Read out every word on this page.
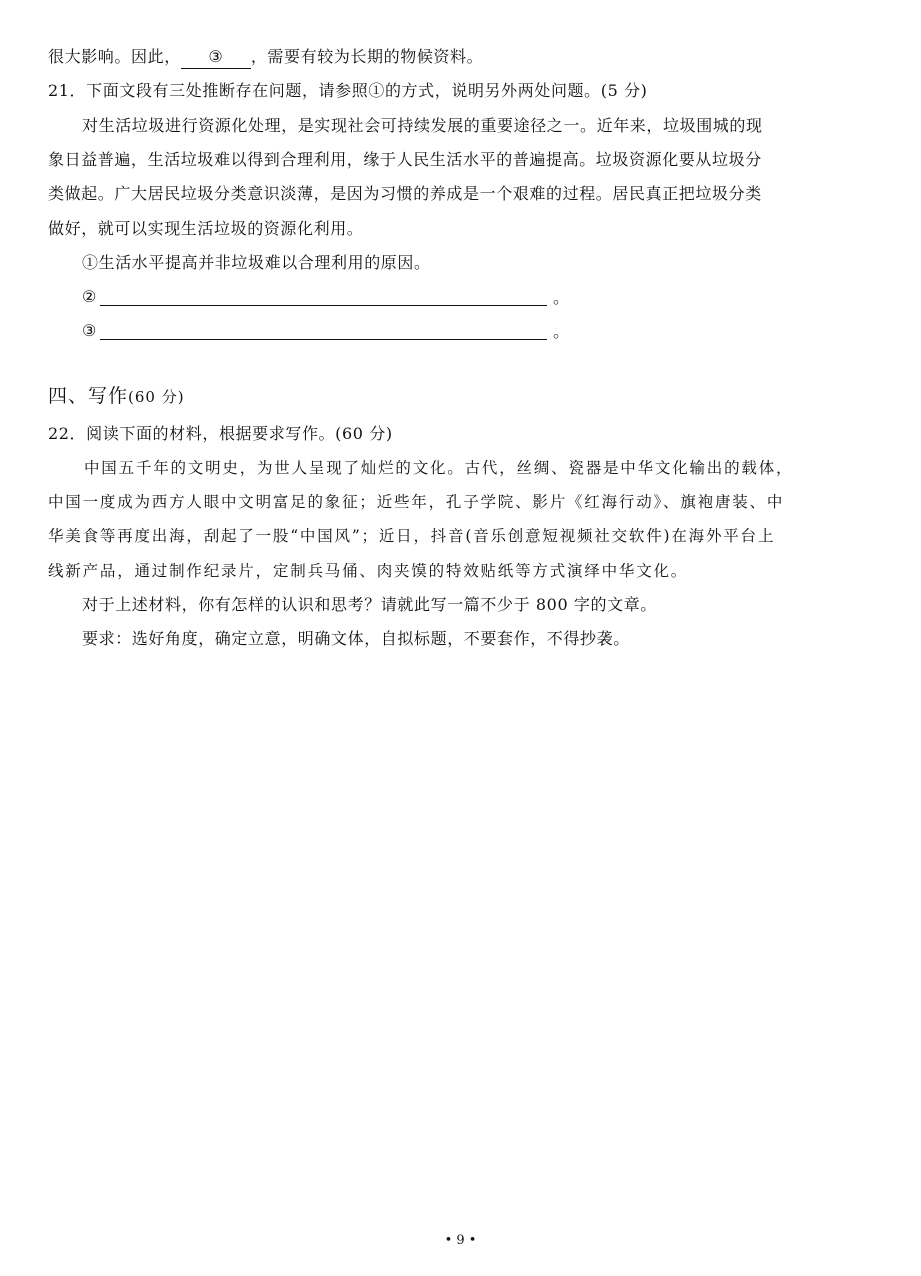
很大影响。因此， ③ ，需要有较为长期的物候资料。
21．下面文段有三处推断存在问题，请参照①的方式，说明另外两处问题。(5 分)
对生活垃圾进行资源化处理，是实现社会可持续发展的重要途径之一。近年来，垃圾围城的现
象日益普遍，生活垃圾难以得到合理利用，缘于人民生活水平的普遍提高。垃圾资源化要从垃圾分
类做起。广大居民垃圾分类意识淡薄，是因为习惯的养成是一个艰难的过程。居民真正把垃圾分类
做好，就可以实现生活垃圾的资源化利用。
①生活水平提高并非垃圾难以合理利用的原因。
②	。
③	。
四、写作(60 分)
22．阅读下面的材料，根据要求写作。(60 分)
中国五千年的文明史，为世人呈现了灿烂的文化。古代，丝绸、瓷器是中华文化输出的载体，
中国一度成为西方人眼中文明富足的象征；近些年，孔子学院、影片《红海行动》、旗袍唐装、中
华美食等再度出海，刮起了一股“中国风”；近日，抖音(音乐创意短视频社交软件)在海外平台上
线新产品，通过制作纪录片，定制兵马俑、肉夹馍的特效贴纸等方式演绎中华文化。
对于上述材料，你有怎样的认识和思考？请就此写一篇不少于 800 字的文章。
要求：选好角度，确定立意，明确文体，自拟标题，不要套作，不得抄袭。
• 9 •
